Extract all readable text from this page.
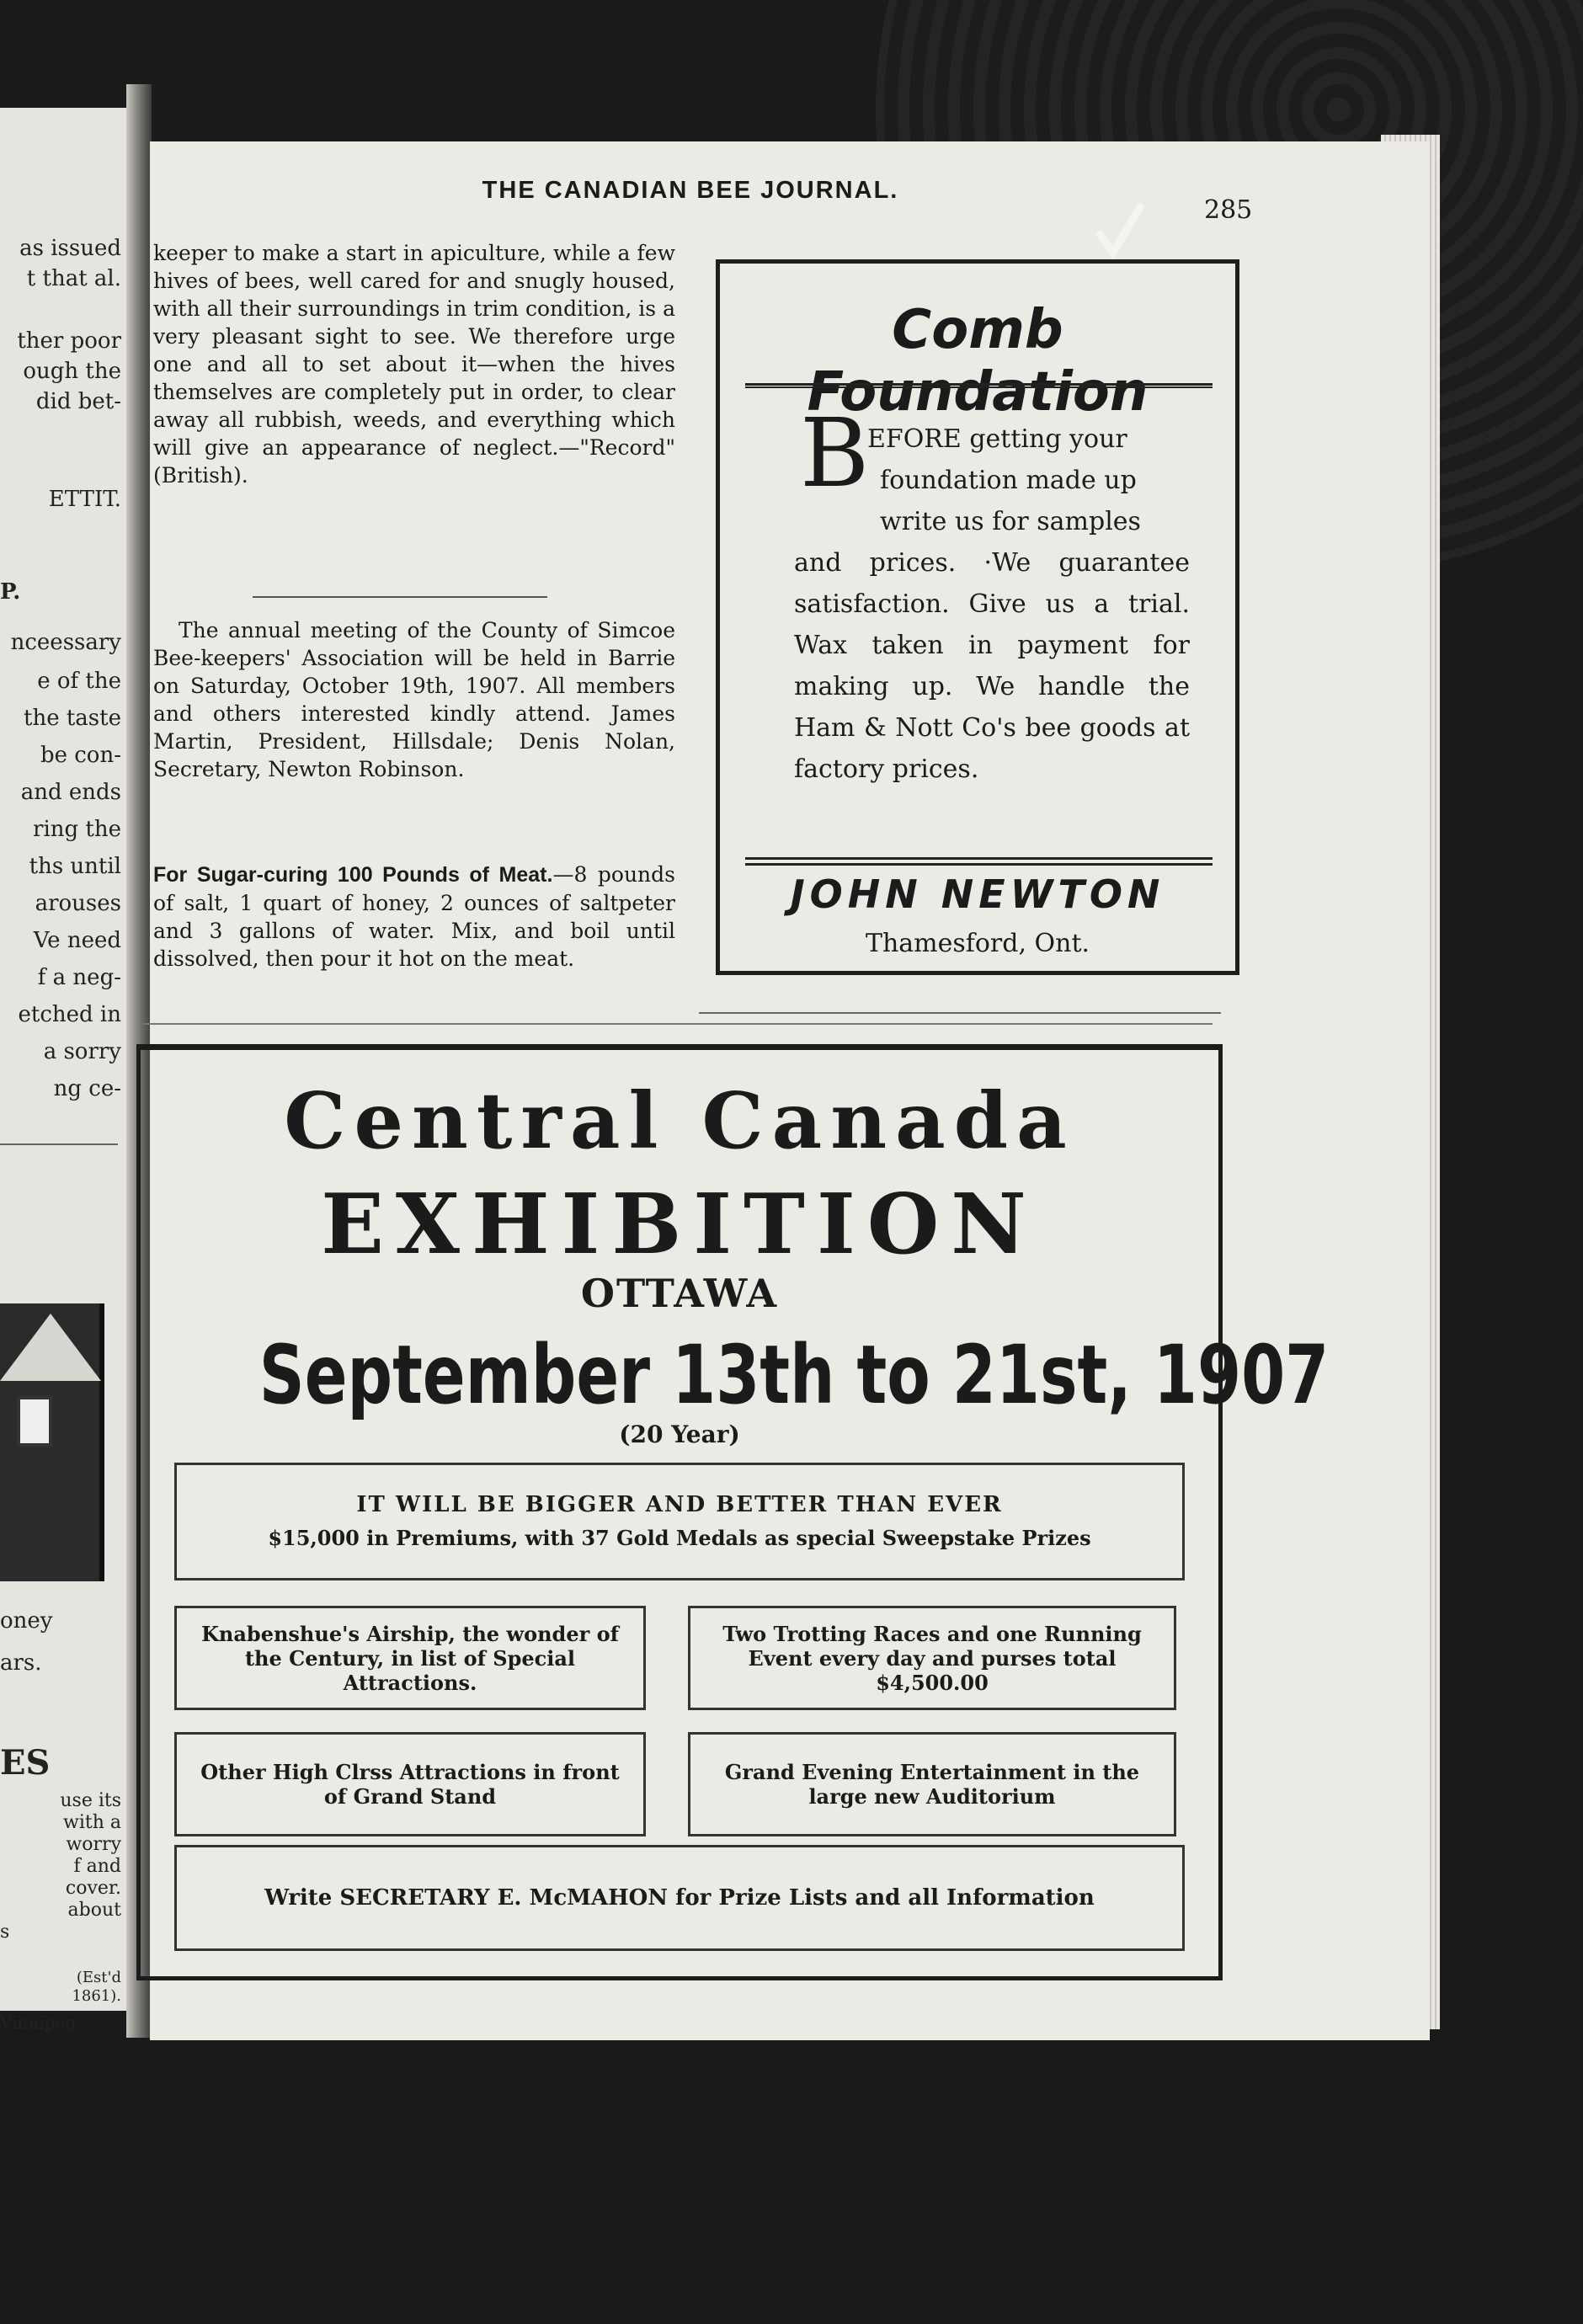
as issued
t that al.
ther poor
ough the
did bet-
ETTIT.
P.
nceessary
e of the
the taste
be con-
and ends
ring the
ths until
arouses
Ve need
f a neg-
etched in
a sorry
ng ce-
oney
ars.
ES
use its
with a
worry
f and
cover.
about
s
(Est'd
1861).
Vinnipeg
THE CANADIAN BEE JOURNAL.
285
keeper to make a start in apiculture, while a few hives of bees, well cared for and snugly housed, with all their surroundings in trim condition, is a very pleasant sight to see. We therefore urge one and all to set about it—when the hives themselves are completely put in order, to clear away all rubbish, weeds, and everything which will give an appearance of neglect.—"Record" (British).
The annual meeting of the County of Simcoe Bee-keepers' Association will be held in Barrie on Saturday, October 19th, 1907. All members and others interested kindly attend. James Martin, President, Hillsdale; Denis Nolan, Secretary, Newton Robinson.
For Sugar-curing 100 Pounds of Meat.—8 pounds of salt, 1 quart of honey, 2 ounces of saltpeter and 3 gallons of water. Mix, and boil until dissolved, then pour it hot on the meat.
Comb Foundation
B
EFORE getting your
foundation made up
write us for samples
and prices. ·We guarantee satisfaction. Give us a trial. Wax taken in payment for making up. We handle the Ham & Nott Co's bee goods at factory prices.
JOHN NEWTON
Thamesford, Ont.
Central Canada
EXHIBITION
OTTAWA
September 13th to 21st, 1907
(20 Year)
IT WILL BE BIGGER AND BETTER THAN EVER
$15,000 in Premiums, with 37 Gold Medals as special Sweepstake Prizes
Knabenshue's Airship, the wonder of the Century, in list of Special Attractions.
Two Trotting Races and one Running Event every day and purses total $4,500.00
Other High Clrss Attractions in front of Grand Stand
Grand Evening Entertainment in the large new Auditorium
Write SECRETARY E. McMAHON for Prize Lists and all Information
